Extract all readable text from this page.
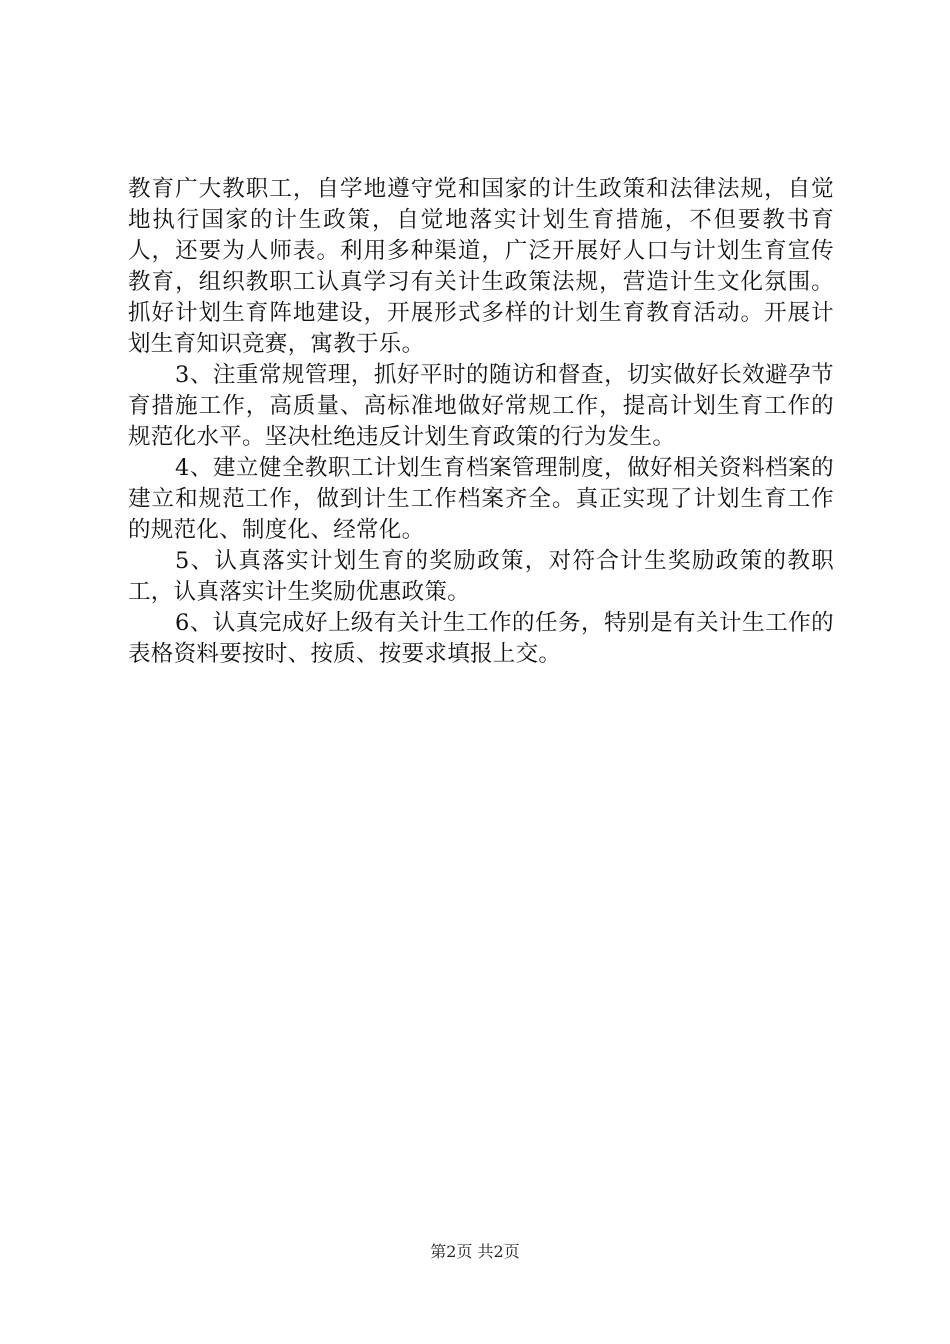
教育广大教职工，自学地遵守党和国家的计生政策和法律法规，自觉地执行国家的计生政策，自觉地落实计划生育措施，不但要教书育人，还要为人师表。利用多种渠道，广泛开展好人口与计划生育宣传教育，组织教职工认真学习有关计生政策法规，营造计生文化氛围。抓好计划生育阵地建设，开展形式多样的计划生育教育活动。开展计划生育知识竞赛，寓教于乐。

3、注重常规管理，抓好平时的随访和督查，切实做好长效避孕节育措施工作，高质量、高标准地做好常规工作，提高计划生育工作的规范化水平。坚决杜绝违反计划生育政策的行为发生。

4、建立健全教职工计划生育档案管理制度，做好相关资料档案的建立和规范工作，做到计生工作档案齐全。真正实现了计划生育工作的规范化、制度化、经常化。

5、认真落实计划生育的奖励政策，对符合计生奖励政策的教职工，认真落实计生奖励优惠政策。

6、认真完成好上级有关计生工作的任务，特别是有关计生工作的表格资料要按时、按质、按要求填报上交。

第2页 共2页
